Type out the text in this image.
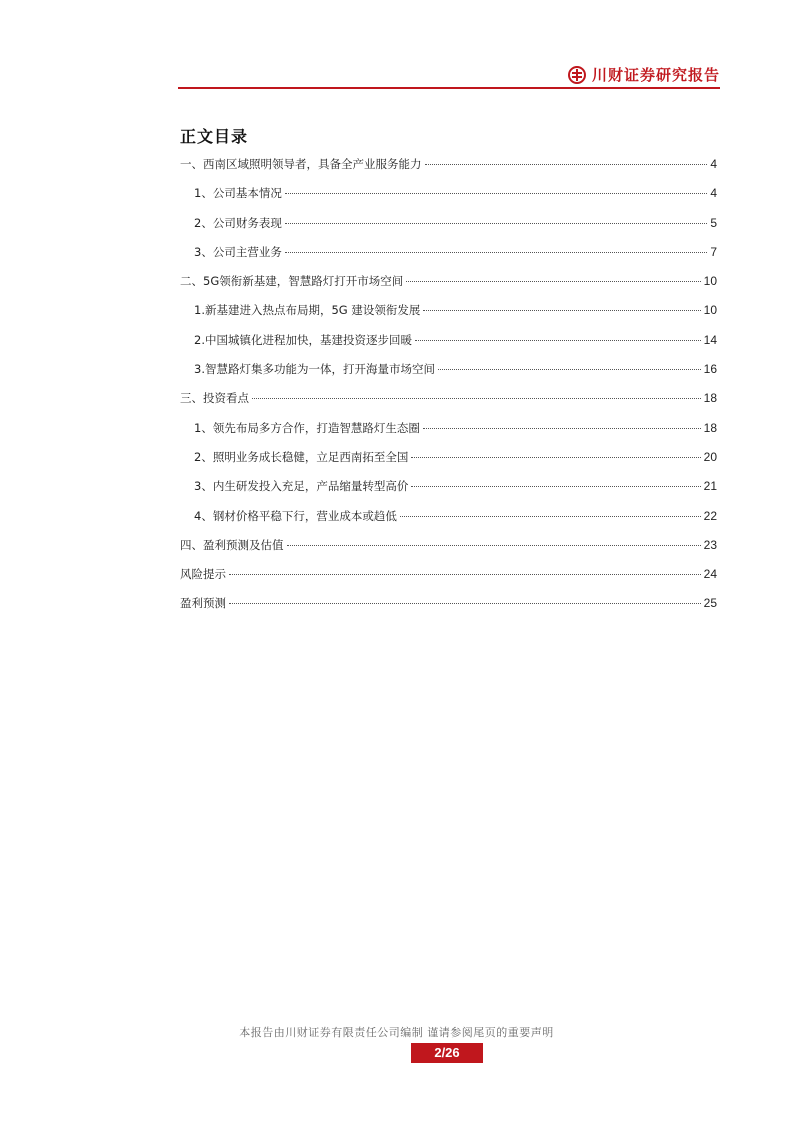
川财证券研究报告
正文目录
一、西南区域照明领导者，具备全产业服务能力	4
1、公司基本情况	4
2、公司财务表现	5
3、公司主营业务	7
二、5G领衔新基建，智慧路灯打开市场空间	10
1.新基建进入热点布局期，5G 建设领衔发展	10
2.中国城镇化进程加快，基建投资逐步回暖	14
3.智慧路灯集多功能为一体，打开海量市场空间	16
三、投资看点	18
1、领先布局多方合作，打造智慧路灯生态圈	18
2、照明业务成长稳健，立足西南拓至全国	20
3、内生研发投入充足，产品缩量转型高价	21
4、钢材价格平稳下行，营业成本或趋低	22
四、盈利预测及估值	23
风险提示	24
盈利预测	25
本报告由川财证券有限责任公司编制 谨请参阅尾页的重要声明
2/26
